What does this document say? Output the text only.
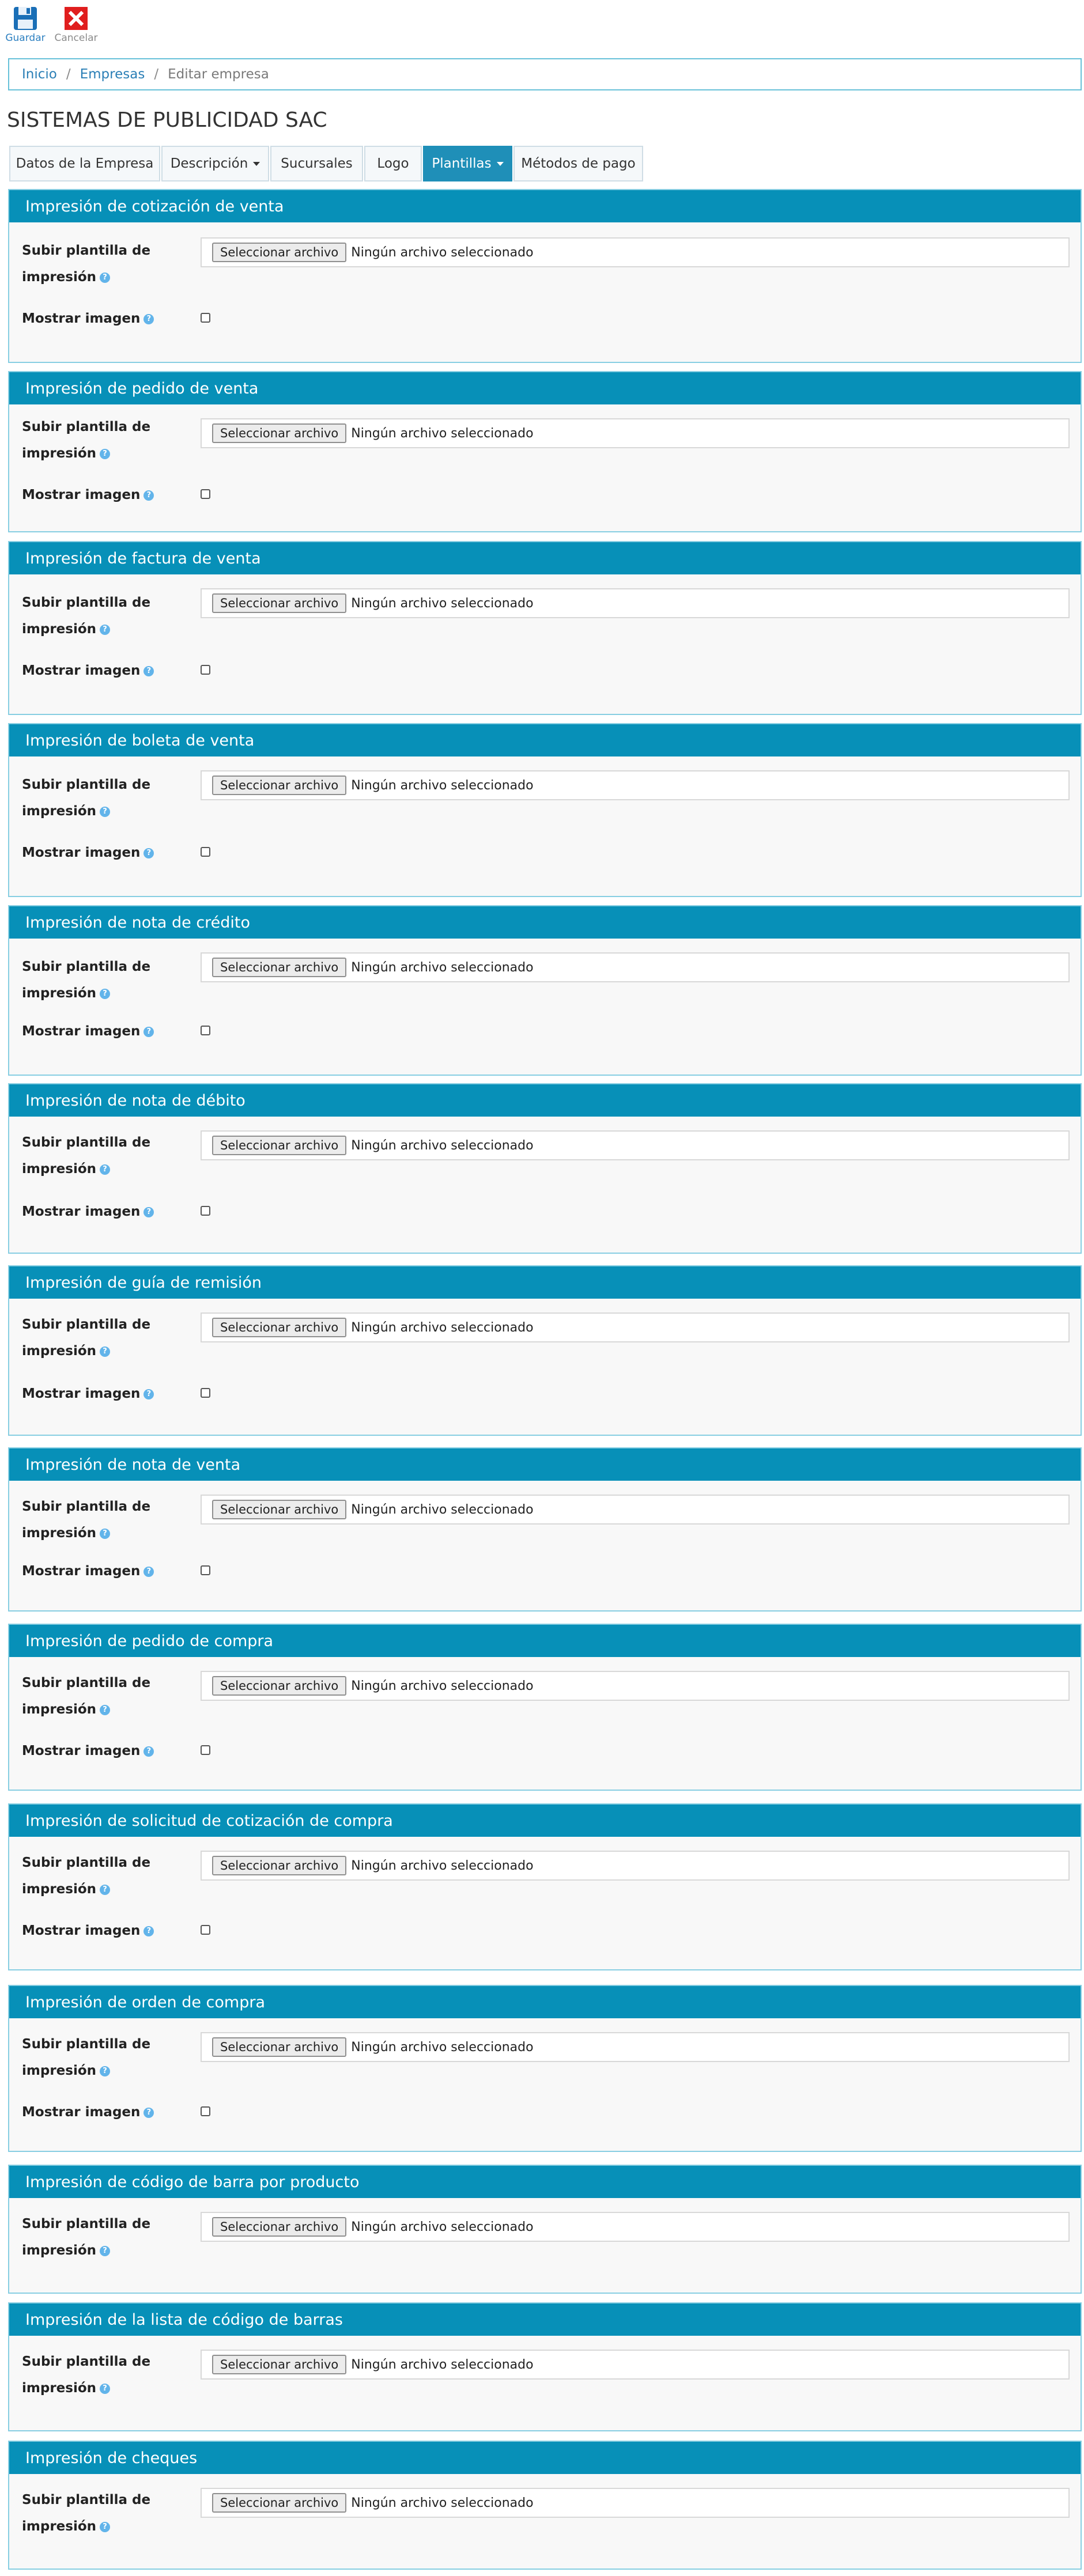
Guardar Cancelar
Inicio / Empresas / Editar empresa
SISTEMAS DE PUBLICIDAD SAC
Datos de la Empresa Descripción Sucursales Logo Plantillas Métodos de pago
Impresión de cotización de venta
Subir plantilla de
impresión ?
Seleccionar archivo	Ningún archivo seleccionado
Mostrar imagen ?
Impresión de pedido de venta
Subir plantilla de
impresión ?
Seleccionar archivo	Ningún archivo seleccionado
Mostrar imagen ?
Impresión de factura de venta
Subir plantilla de
impresión ?
Seleccionar archivo	Ningún archivo seleccionado
Mostrar imagen ?
Impresión de boleta de venta
Subir plantilla de
impresión ?
Seleccionar archivo	Ningún archivo seleccionado
Mostrar imagen ?
Impresión de nota de crédito
Subir plantilla de
impresión ?
Seleccionar archivo	Ningún archivo seleccionado
Mostrar imagen ?
Impresión de nota de débito
Subir plantilla de
impresión ?
Seleccionar archivo	Ningún archivo seleccionado
Mostrar imagen ?
Impresión de guía de remisión
Subir plantilla de
impresión ?
Seleccionar archivo	Ningún archivo seleccionado
Mostrar imagen ?
Impresión de nota de venta
Subir plantilla de
impresión ?
Seleccionar archivo	Ningún archivo seleccionado
Mostrar imagen ?
Impresión de pedido de compra
Subir plantilla de
impresión ?
Seleccionar archivo	Ningún archivo seleccionado
Mostrar imagen ?
Impresión de solicitud de cotización de compra
Subir plantilla de
impresión ?
Seleccionar archivo	Ningún archivo seleccionado
Mostrar imagen ?
Impresión de orden de compra
Subir plantilla de
impresión ?
Seleccionar archivo	Ningún archivo seleccionado
Mostrar imagen ?
Impresión de código de barra por producto
Subir plantilla de
impresión ?
Seleccionar archivo	Ningún archivo seleccionado
Impresión de la lista de código de barras
Subir plantilla de
impresión ?
Seleccionar archivo	Ningún archivo seleccionado
Impresión de cheques
Subir plantilla de
impresión ?
Seleccionar archivo	Ningún archivo seleccionado
